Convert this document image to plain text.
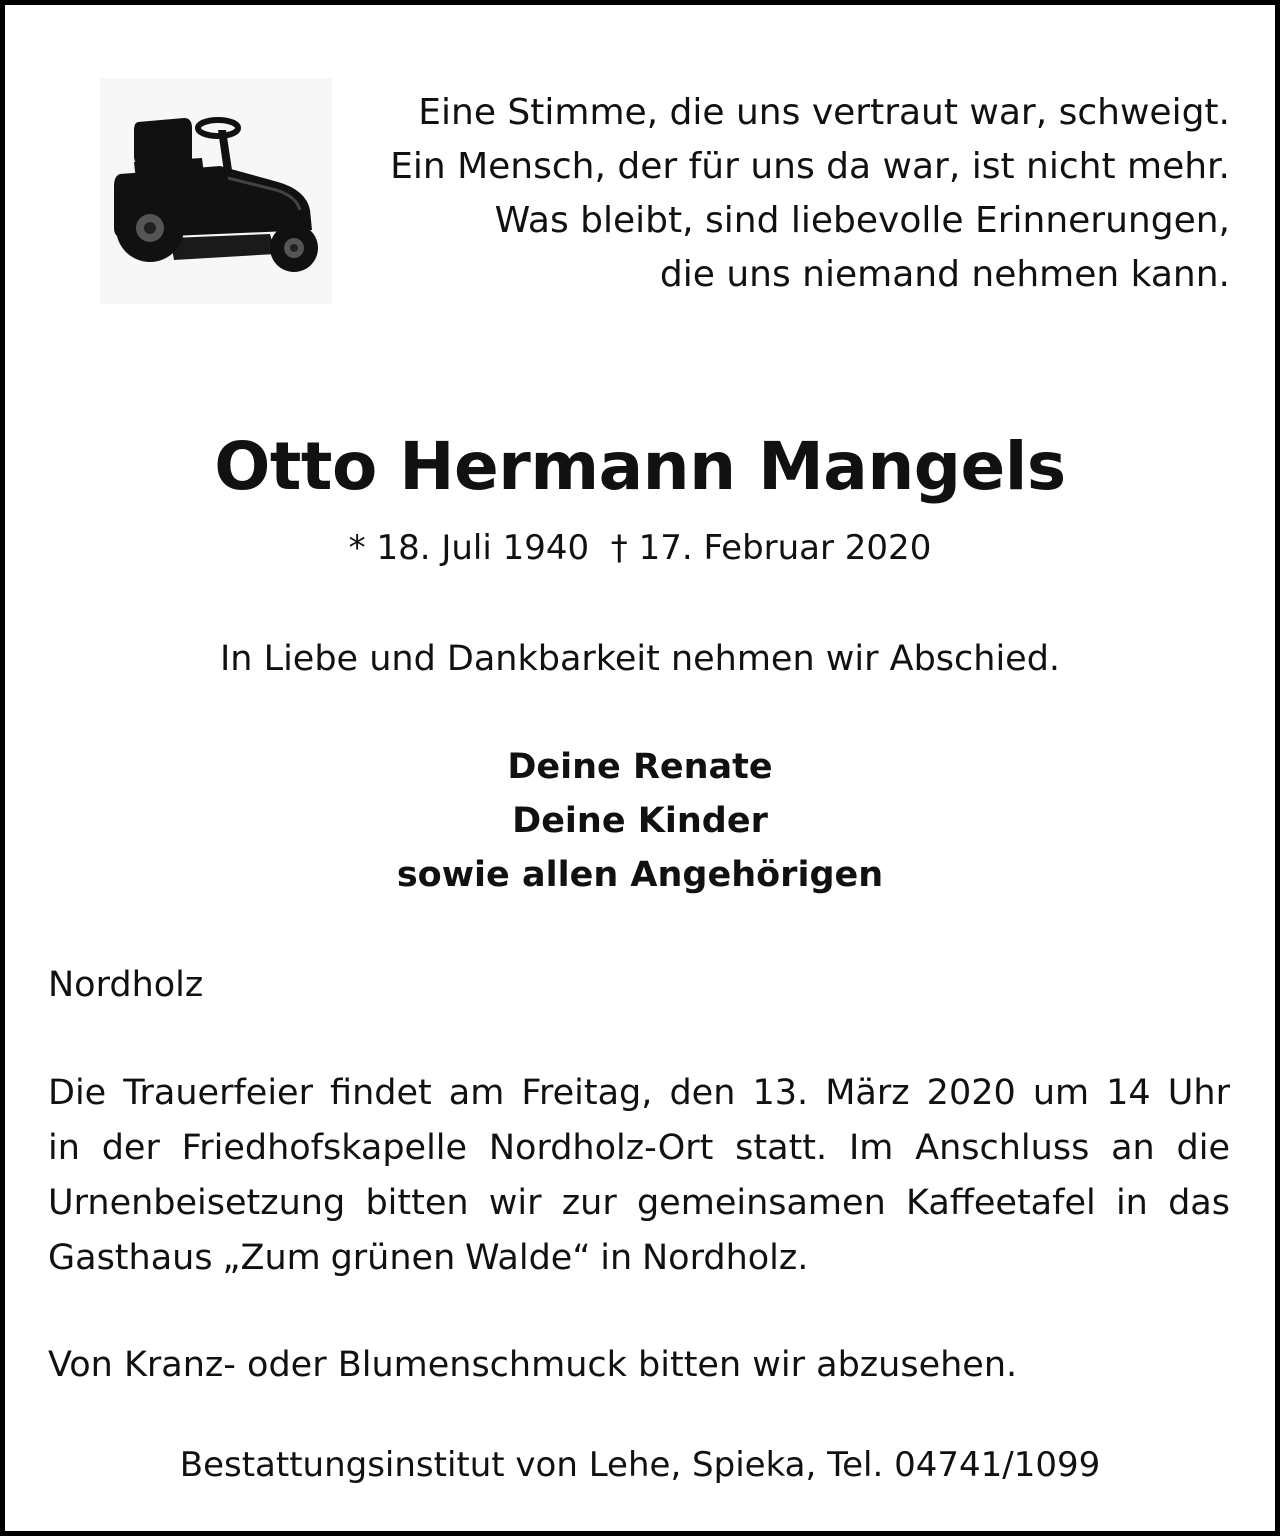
Eine Stimme, die uns vertraut war, schweigt.
Ein Mensch, der für uns da war, ist nicht mehr.
Was bleibt, sind liebevolle Erinnerungen,
die uns niemand nehmen kann.
Otto Hermann Mangels
* 18. Juli 1940  † 17. Februar 2020
In Liebe und Dankbarkeit nehmen wir Abschied.
Deine Renate
Deine Kinder
sowie allen Angehörigen
Nordholz
Die Trauerfeier findet am Freitag, den 13. März 2020 um 14 Uhr
in der Friedhofskapelle Nordholz-Ort statt. Im Anschluss an die
Urnenbeisetzung bitten wir zur gemeinsamen Kaffeetafel in das
Gasthaus „Zum grünen Walde“ in Nordholz.
Von Kranz- oder Blumenschmuck bitten wir abzusehen.
Bestattungsinstitut von Lehe, Spieka, Tel. 04741/1099
